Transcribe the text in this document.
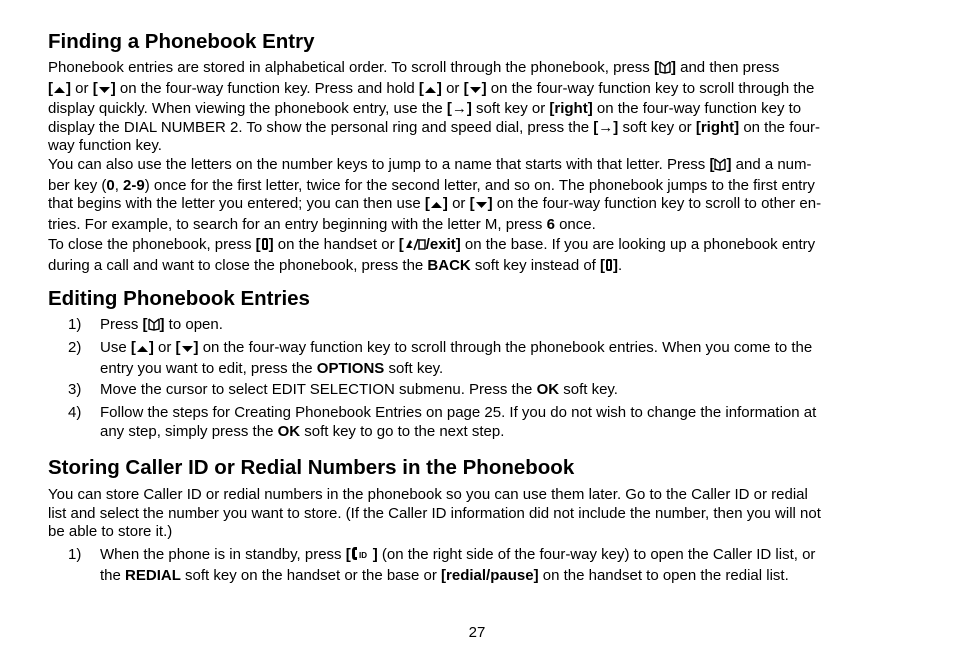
Finding a Phonebook Entry
Phonebook entries are stored in alphabetical order. To scroll through the phonebook, press [ ] and then press
[ ] or [ ] on the four-way function key. Press and hold [ ] or [ ] on the four-way function key to scroll through the
display quickly. When viewing the phonebook entry, use the [→] soft key or [right] on the four-way function key to
display the DIAL NUMBER 2. To show the personal ring and speed dial, press the [→] soft key or [right] on the four-
way function key.
You can also use the letters on the number keys to jump to a name that starts with that letter. Press [ ] and a num-
ber key (0, 2-9) once for the first letter, twice for the second letter, and so on. The phonebook jumps to the first entry
that begins with the letter you entered; you can then use [ ] or [ ] on the four-way function key to scroll to other en-
tries. For example, to search for an entry beginning with the letter M, press 6 once.
To close the phonebook, press [ ] on the handset or [ /exit] on the base. If you are looking up a phonebook entry
during a call and want to close the phonebook, press the BACK soft key instead of [ ].
Editing Phonebook Entries
1) Press [ ] to open.
2) Use [ ] or [ ] on the four-way function key to scroll through the phonebook entries. When you come to the
entry you want to edit, press the OPTIONS soft key.
3) Move the cursor to select EDIT SELECTION submenu. Press the OK soft key.
4) Follow the steps for Creating Phonebook Entries on page 25. If you do not wish to change the information at
any step, simply press the OK soft key to go to the next step.
Storing Caller ID or Redial Numbers in the Phonebook
You can store Caller ID or redial numbers in the phonebook so you can use them later. Go to the Caller ID or redial
list and select the number you want to store. (If the Caller ID information did not include the number, then you will not
be able to store it.)
1) When the phone is in standby, press [ ID ] (on the right side of the four-way key) to open the Caller ID list, or
the REDIAL soft key on the handset or the base or [redial/pause] on the handset to open the redial list.
27
